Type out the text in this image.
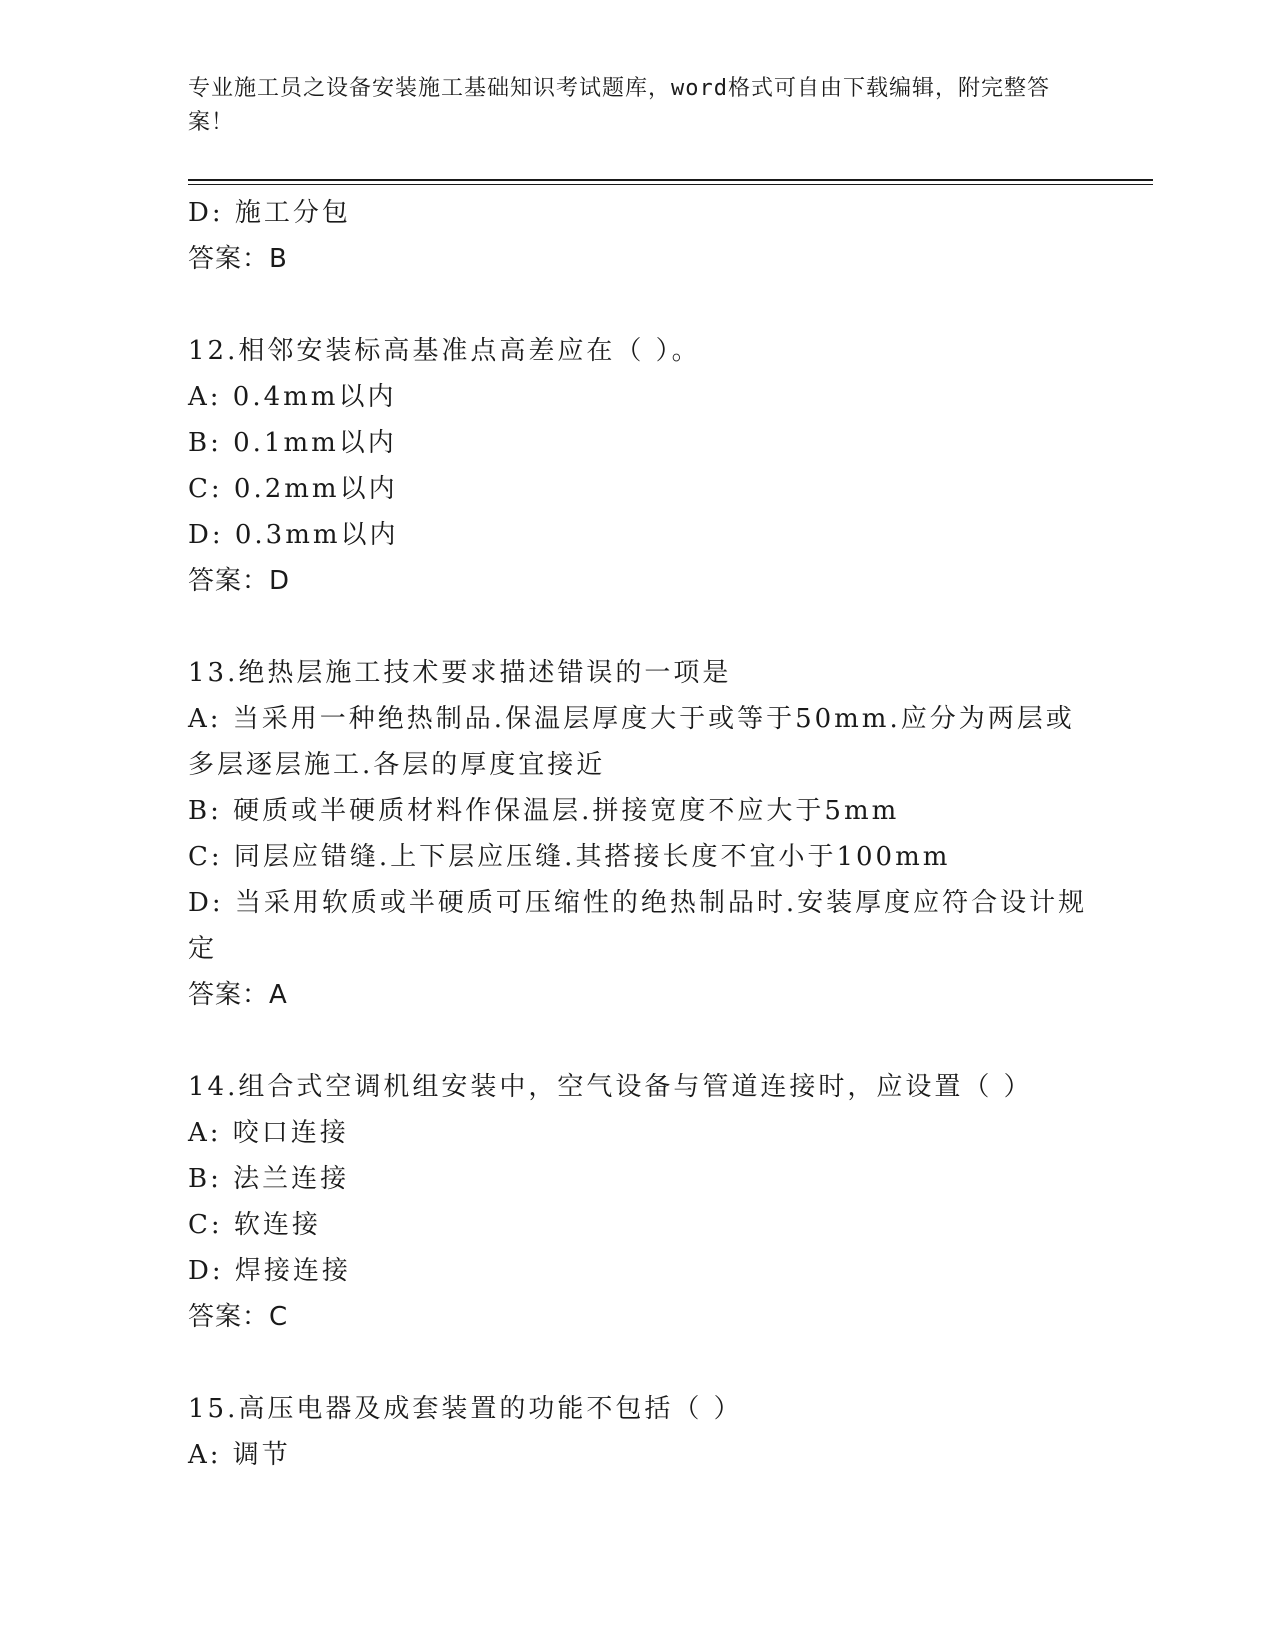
专业施工员之设备安装施工基础知识考试题库，word格式可自由下载编辑，附完整答案！
D: 施工分包
答案：B
12.相邻安装标高基准点高差应在（ ）。
A: 0.4mm以内
B: 0.1mm以内
C: 0.2mm以内
D: 0.3mm以内
答案：D
13.绝热层施工技术要求描述错误的一项是
A: 当采用一种绝热制品.保温层厚度大于或等于50mm.应分为两层或多层逐层施工.各层的厚度宜接近
B: 硬质或半硬质材料作保温层.拼接宽度不应大于5mm
C: 同层应错缝.上下层应压缝.其搭接长度不宜小于100mm
D: 当采用软质或半硬质可压缩性的绝热制品时.安装厚度应符合设计规定
答案：A
14.组合式空调机组安装中，空气设备与管道连接时，应设置（ ）
A: 咬口连接
B: 法兰连接
C: 软连接
D: 焊接连接
答案：C
15.高压电器及成套装置的功能不包括（ ）
A: 调节
